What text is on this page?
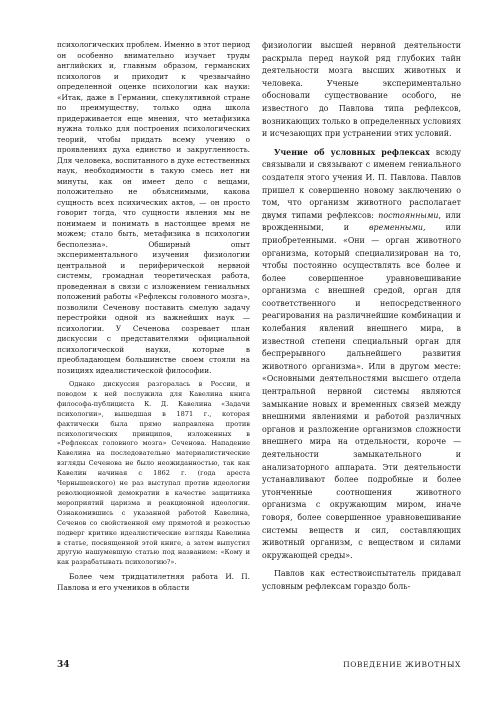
психологических проблем. Именно в этот период он особенно внимательно изучает труды английских и, главным образом, германских психологов и приходит к чрезвычайно определенной оценке психологии как науки: «Итак, даже в Германии, спекулятивной стране по преимуществу, только одна школа придерживается еще мнения, что метафизика нужна только для построения психологических теорий, чтобы придать всему учению о проявлениях духа единство и закругленность. Для человека, воспитанного в духе естественных наук, необходимости в такую смесь нет ни минуты, как он имеет дело с вещами, положительно не объяснимыми, какова сущность всех психических актов, — он просто говорит тогда, что сущности явления мы не понимаем и понимать в настоящее время не можем; стало быть, метафизика в психологии бесполезна». Обширный опыт экспериментального изучения физиологии центральной и периферической нервной системы, громадная теоретическая работа, проведенная в связи с изложением гениальных положений работы «Рефлексы головного мозга», позволили Сеченову поставить смелую задачу перестройки одной из важнейших наук — психологии. У Сеченова созревает план дискуссии с представителями официальной психологической науки, которые в преобладающем большинстве своем стояли на позициях идеалистической философии.

Однако дискуссия разгоралась в России, и поводом к ней послужила для Кавелина книга философа-публициста К. Д. Кавелина «Задачи психологии», вышедшая в 1871 г., которая фактически была прямо направлена против психологических принципов, изложенных в «Рефлексах головного мозга» Сеченова. Нападение Кавелина на последовательно материалистические взгляды Сеченова не было неожиданностью, так как Кавелин начиная с 1862 г. (года ареста Чернышевского) не раз выступал против идеологии революционной демократии в качестве защитника мероприятий царизма и реакционной идеологии. Ознакомившись с указанной работой Кавелина, Сеченов со свойственной ему прямотой и резкостью подверг критике идеалистические взгляды Кавелина в статье, посвященной этой книге, а затем выпустил другую нашумевшую статью под названием: «Кому и как разрабатывать психологию?».

Более чем тридцатилетняя работа И. П. Павлова и его учеников в области

физиологии высшей нервной деятельности раскрыла перед наукой ряд глубоких тайн деятельности мозга высших животных и человека. Ученые экспериментально обосновали существование особого, не известного до Павлова типа рефлексов, возникающих только в определенных условиях и исчезающих при устранении этих условий.

Учение об условных рефлексах всюду связывали и связывают с именем гениального создателя этого учения И. П. Павлова. Павлов пришел к совершенно новому заключению о том, что организм животного располагает двумя типами рефлексов: постоянными, или врожденными, и временными, или приобретенными. «Они — орган животного организма, который специализирован на то, чтобы постоянно осуществлять все более и более совершенное уравновешивание организма с внешней средой, орган для соответственного и непосредственного реагирования на различнейшие комбинации и колебания явлений внешнего мира, в известной степени специальный орган для беспрерывного дальнейшего развития животного организма». Или в другом месте: «Основными деятельностями высшего отдела центральной нервной системы являются замыкание новых и временных связей между внешними явлениями и работой различных органов и разложение организмов сложности внешнего мира на отдельности, короче — деятельности замыкательного и анализаторного аппарата. Эти деятельности устанавливают более подробные и более утонченные соотношения животного организма с окружающим миром, иначе говоря, более совершенное уравновешивание системы веществ и сил, составляющих животный организм, с веществом и силами окружающей среды».

Павлов как естествоиспытатель придавал условным рефлексам гораздо боль-

34	ПОВЕДЕНИЕ ЖИВОТНЫХ
